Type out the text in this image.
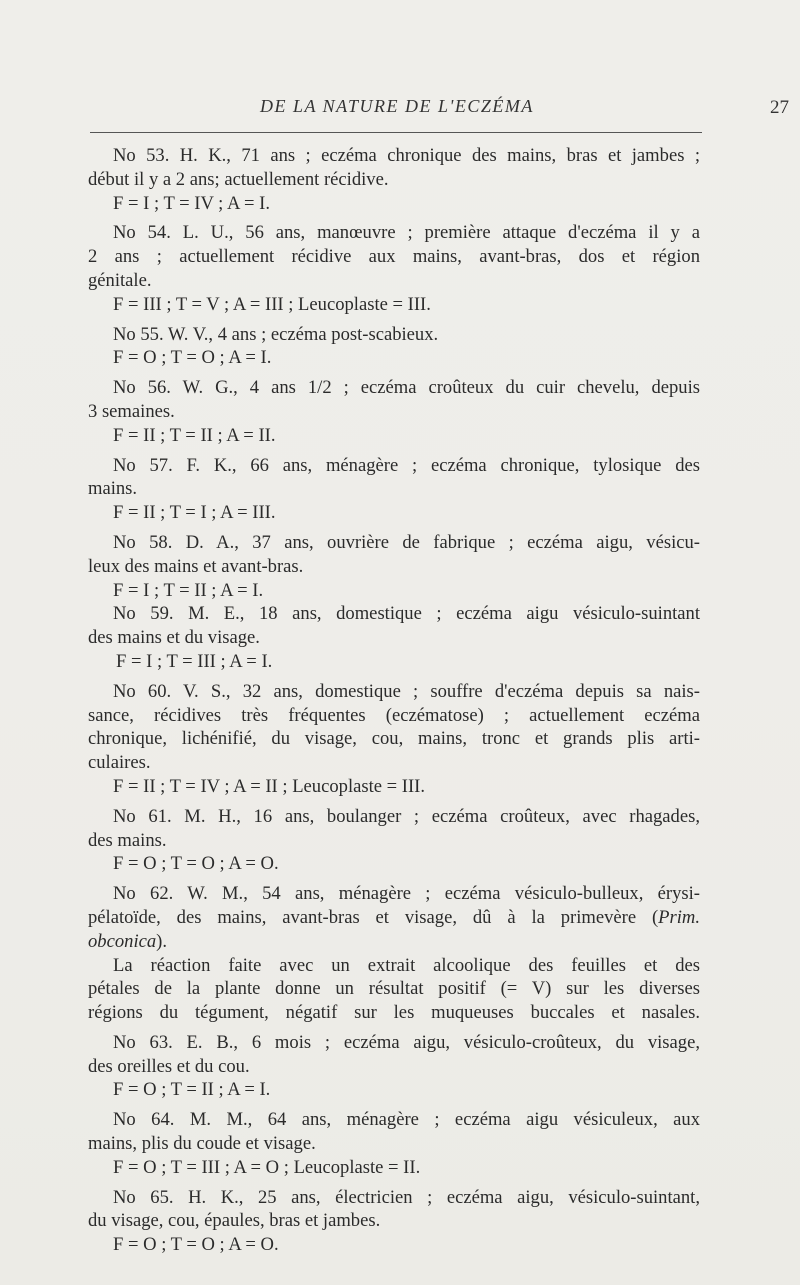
DE LA NATURE DE L'ECZÉMA	27
No 53. H. K., 71 ans ; eczéma chronique des mains, bras et jambes ;
début il y a 2 ans; actuellement récidive.
F = I ; T = IV ; A = I.
No 54. L. U., 56 ans, manœuvre ; première attaque d'eczéma il y a
2 ans ; actuellement récidive aux mains, avant-bras, dos et région
génitale.
F = III ; T = V ; A = III ; Leucoplaste = III.
No 55. W. V., 4 ans ; eczéma post-scabieux.
F = O ; T = O ; A = I.
No 56. W. G., 4 ans 1/2 ; eczéma croûteux du cuir chevelu, depuis
3 semaines.
F = II ; T = II ; A = II.
No 57. F. K., 66 ans, ménagère ; eczéma chronique, tylosique des
mains.
F = II ; T = I ; A = III.
No 58. D. A., 37 ans, ouvrière de fabrique ; eczéma aigu, vésicu-
leux des mains et avant-bras.
F = I ; T = II ; A = I.
No 59. M. E., 18 ans, domestique ; eczéma aigu vésiculo-suintant
des mains et du visage.
F = I ; T = III ; A = I.
No 60. V. S., 32 ans, domestique ; souffre d'eczéma depuis sa nais-
sance, récidives très fréquentes (eczématose) ; actuellement eczéma
chronique, lichénifié, du visage, cou, mains, tronc et grands plis arti-
culaires.
F = II ; T = IV ; A = II ; Leucoplaste = III.
No 61. M. H., 16 ans, boulanger ; eczéma croûteux, avec rhagades,
des mains.
F = O ; T = O ; A = O.
No 62. W. M., 54 ans, ménagère ; eczéma vésiculo-bulleux, érysi-
pélatoïde, des mains, avant-bras et visage, dû à la primevère (Prim.
obconica).
La réaction faite avec un extrait alcoolique des feuilles et des
pétales de la plante donne un résultat positif (= V) sur les diverses
régions du tégument, négatif sur les muqueuses buccales et nasales.
No 63. E. B., 6 mois ; eczéma aigu, vésiculo-croûteux, du visage,
des oreilles et du cou.
F = O ; T = II ; A = I.
No 64. M. M., 64 ans, ménagère ; eczéma aigu vésiculeux, aux
mains, plis du coude et visage.
F = O ; T = III ; A = O ; Leucoplaste = II.
No 65. H. K., 25 ans, électricien ; eczéma aigu, vésiculo-suintant,
du visage, cou, épaules, bras et jambes.
F = O ; T = O ; A = O.
